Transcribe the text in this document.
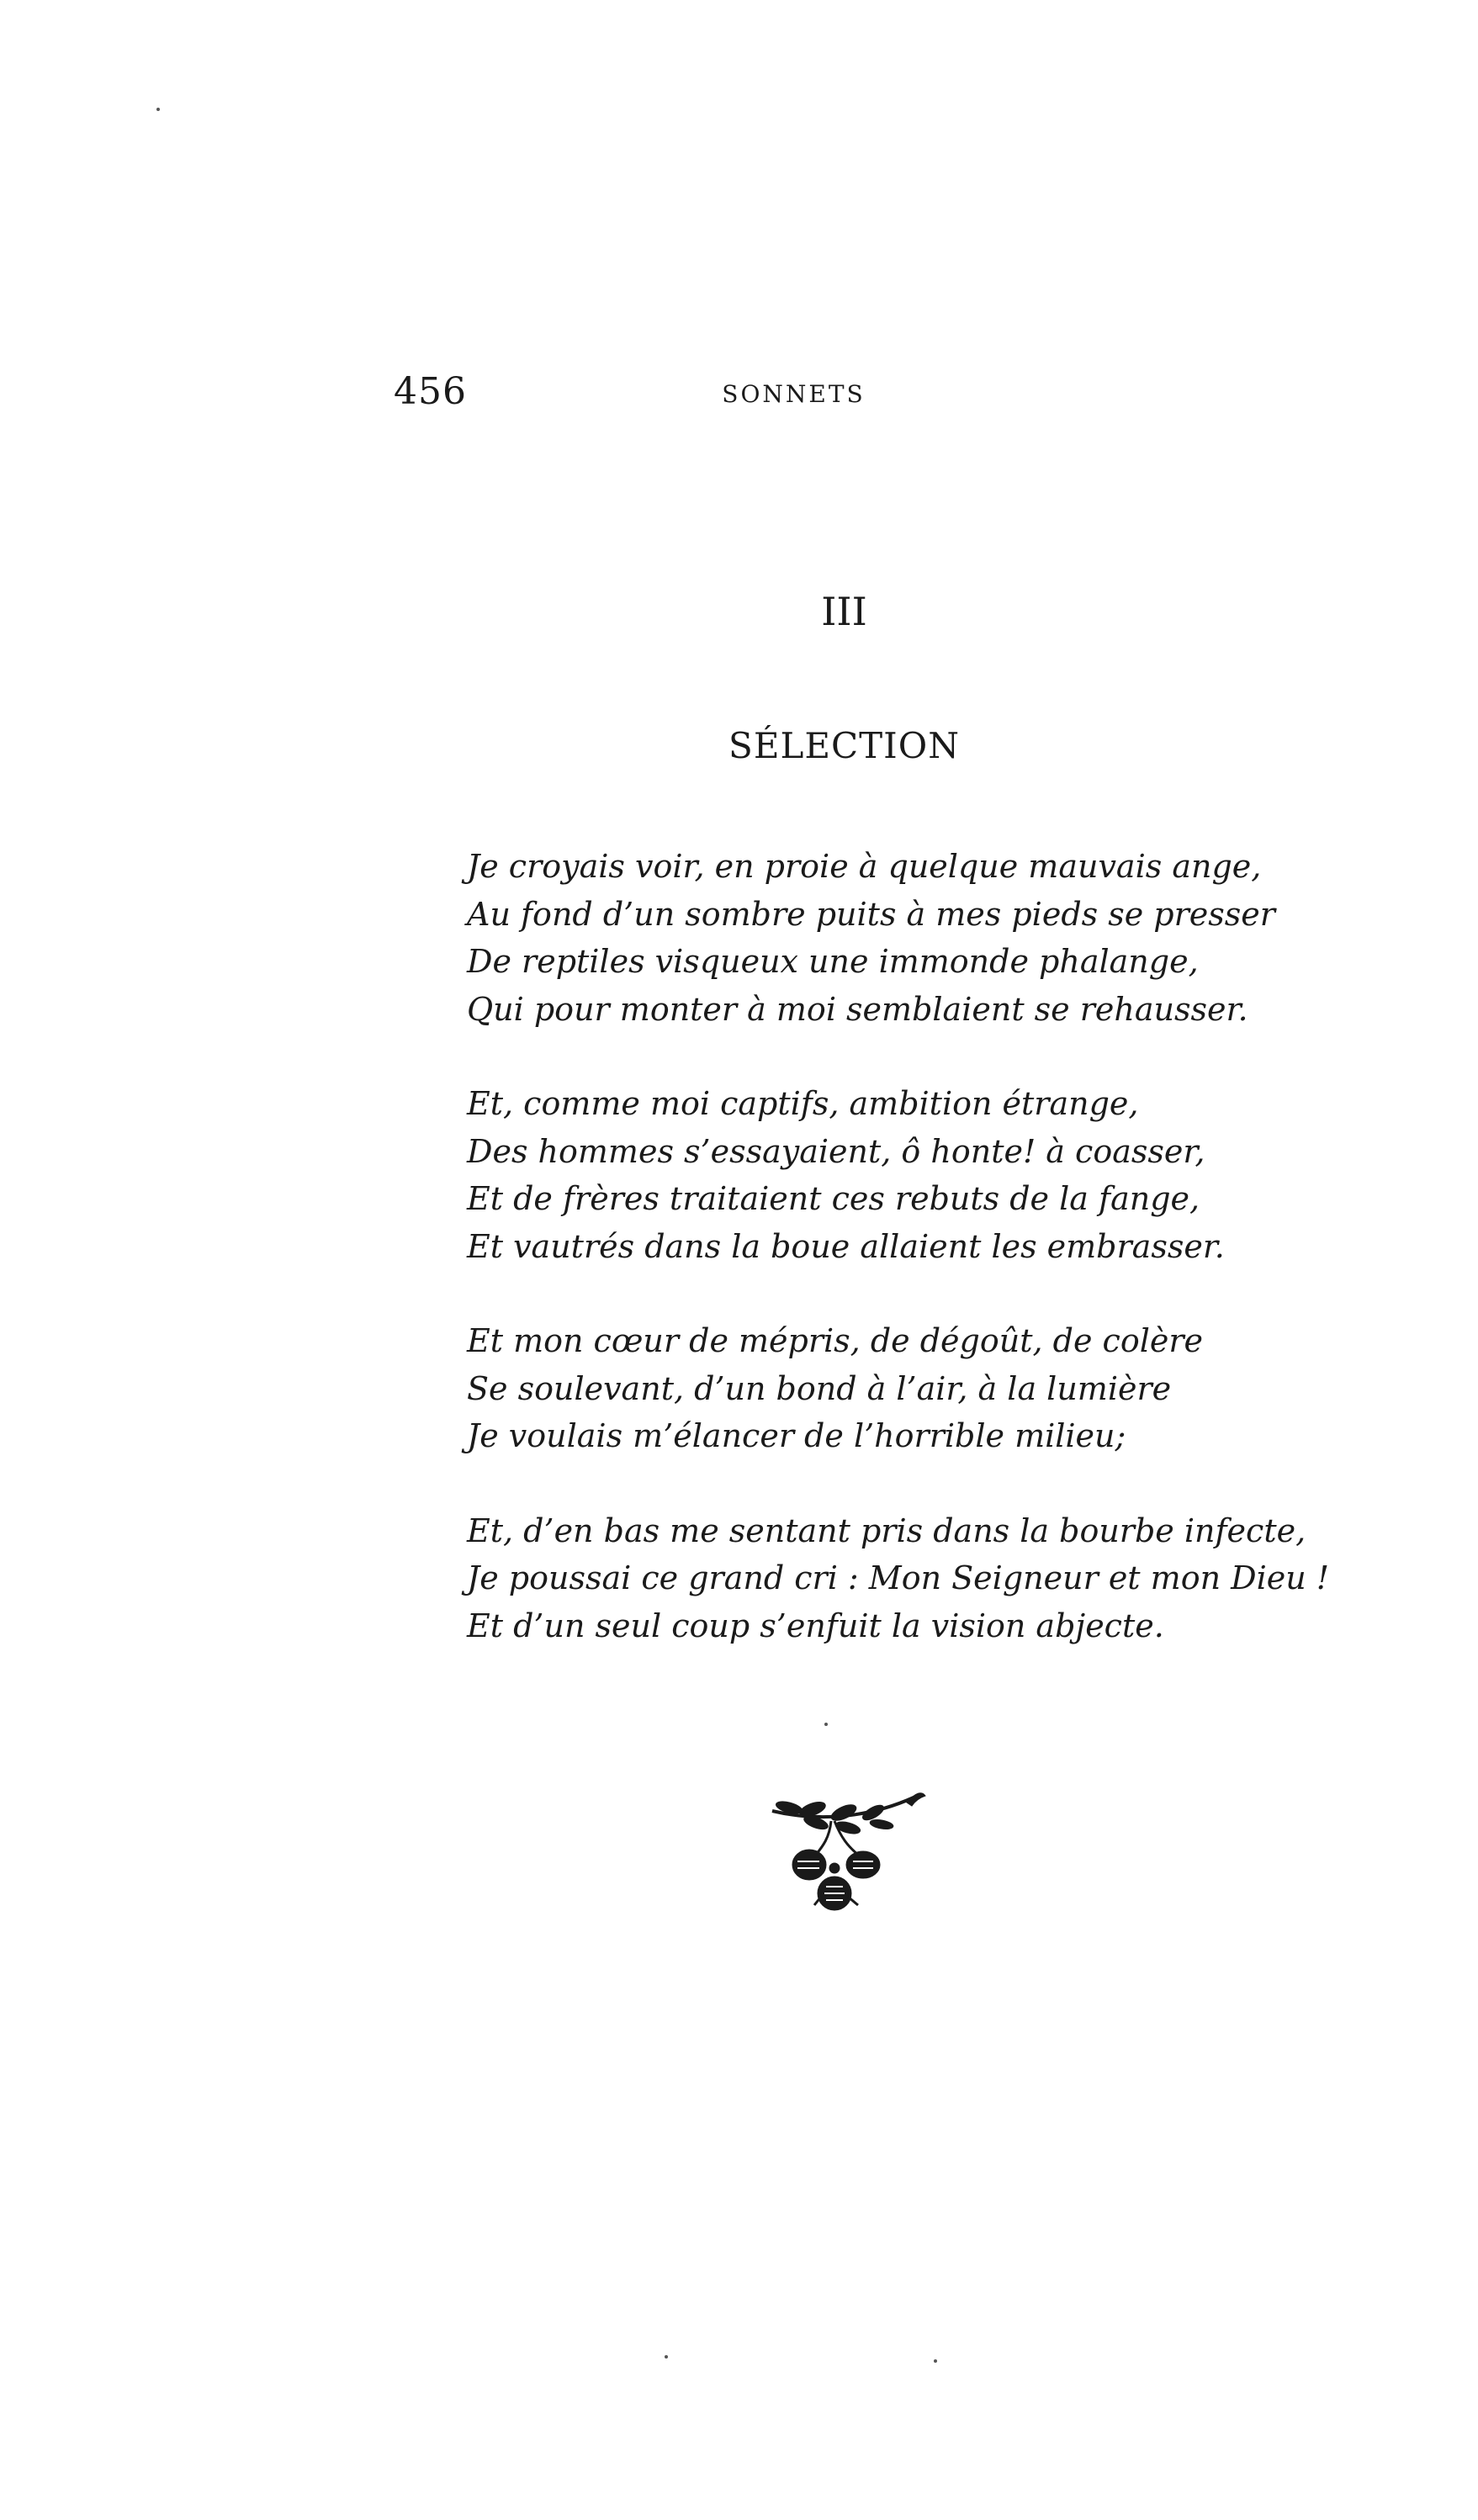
456	SONNETS
III
SÉLECTION
Je croyais voir, en proie à quelque mauvais ange,
Au fond d’un sombre puits à mes pieds se presser
De reptiles visqueux une immonde phalange,
Qui pour monter à moi semblaient se rehausser.
Et, comme moi captifs, ambition étrange,
Des hommes s’essayaient, ô honte! à coasser,
Et de frères traitaient ces rebuts de la fange,
Et vautrés dans la boue allaient les embrasser.
Et mon cœur de mépris, de dégoût, de colère
Se soulevant, d’un bond à l’air, à la lumière
Je voulais m’élancer de l’horrible milieu;
Et, d’en bas me sentant pris dans la bourbe infecte,
Je poussai ce grand cri : Mon Seigneur et mon Dieu !
Et d’un seul coup s’enfuit la vision abjecte.
